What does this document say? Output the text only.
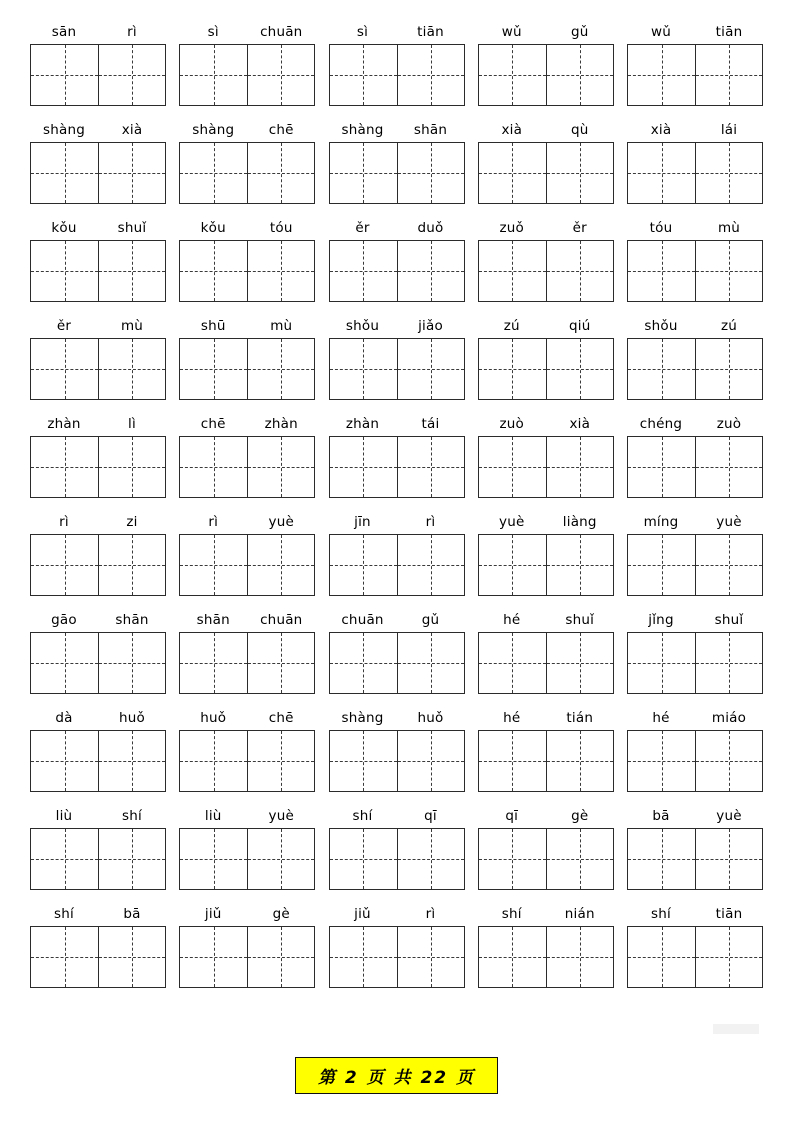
sān	rì	sì	chuān	sì	tiān	wǔ	gǔ	wǔ	tiān
shàng	xià	shàng	chē	shàng	shān	xià	qù	xià	lái
kǒu	shuǐ	kǒu	tóu	ěr	duǒ	zuǒ	ěr	tóu	mù
ěr	mù	shū	mù	shǒu	jiǎo	zú	qiú	shǒu	zú
zhàn	lì	chē	zhàn	zhàn	tái	zuò	xià	chéng	zuò
rì	zi	rì	yuè	jīn	rì	yuè	liàng	míng	yuè
gāo	shān	shān	chuān	chuān	gǔ	hé	shuǐ	jǐng	shuǐ
dà	huǒ	huǒ	chē	shàng	huǒ	hé	tián	hé	miáo
liù	shí	liù	yuè	shí	qī	qī	gè	bā	yuè
shí	bā	jiǔ	gè	jiǔ	rì	shí	nián	shí	tiān
第 2 页 共 22 页
